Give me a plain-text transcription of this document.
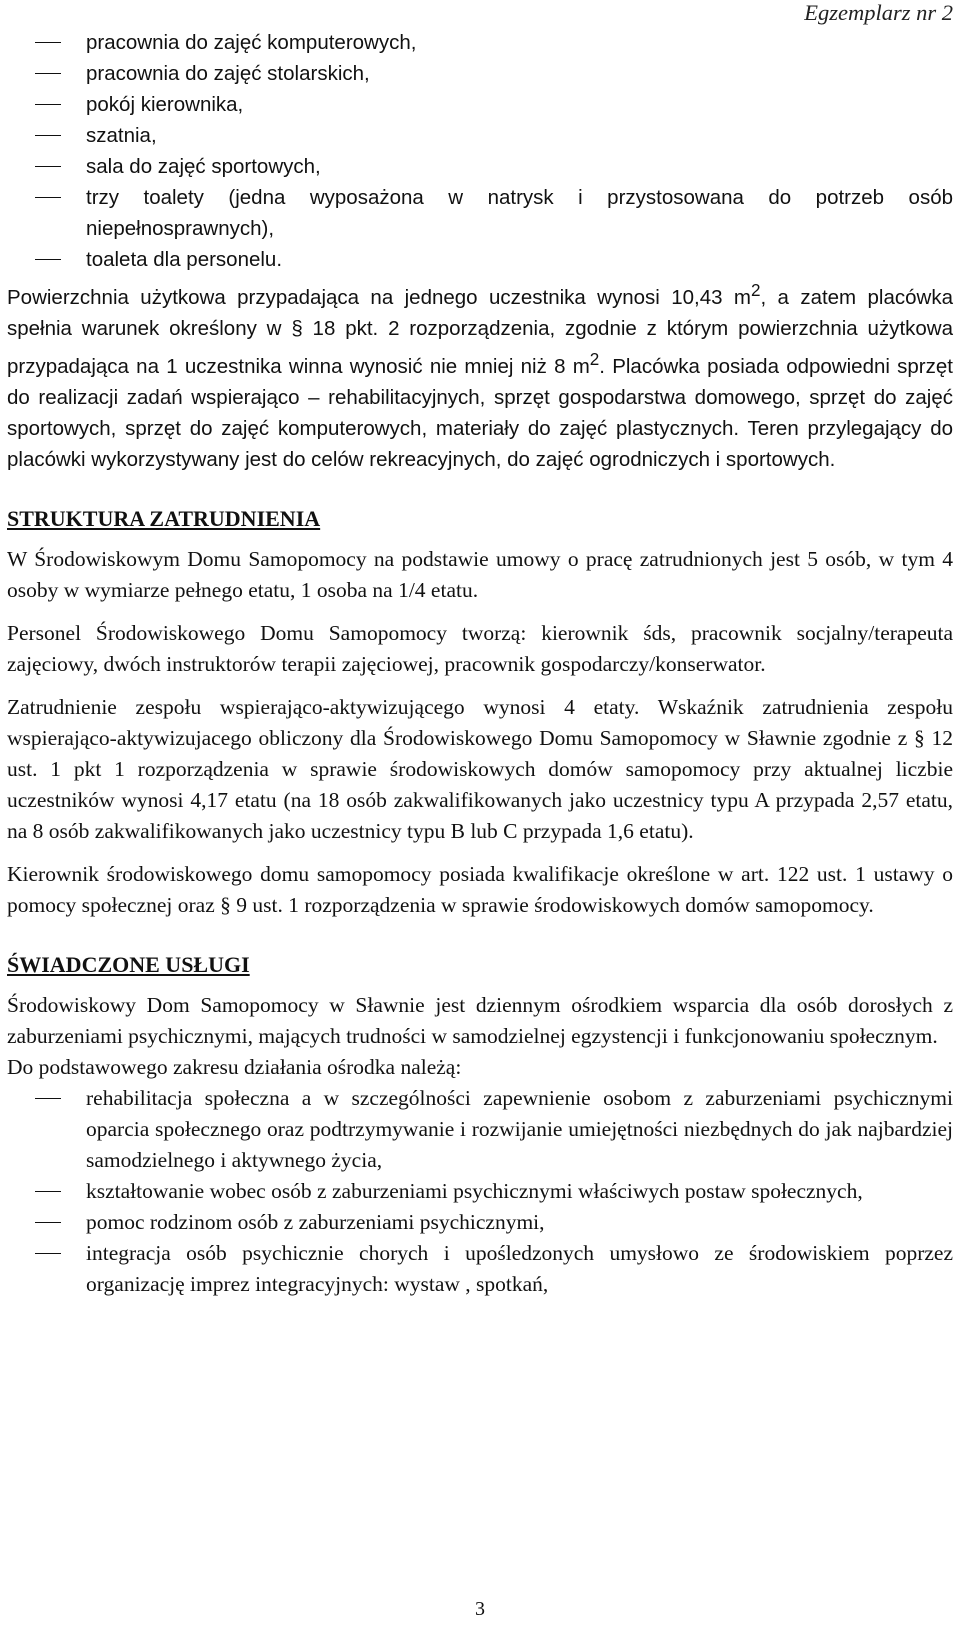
Egzemplarz nr 2
pracownia do zajęć komputerowych,
pracownia do zajęć stolarskich,
pokój kierownika,
szatnia,
sala do zajęć sportowych,
trzy toalety (jedna wyposażona w natrysk i przystosowana do potrzeb osób niepełnosprawnych),
toaleta dla personelu.

Powierzchnia użytkowa przypadająca na jednego uczestnika wynosi 10,43 $m^2$, a zatem placówka spełnia warunek określony w § 18 pkt. 2 rozporządzenia, zgodnie z którym powierzchnia użytkowa przypadająca na 1 uczestnika winna wynosić nie mniej niż 8 $m^2$. Placówka posiada odpowiedni sprzęt do realizacji zadań wspierająco – rehabilitacyjnych, sprzęt gospodarstwa domowego, sprzęt do zajęć sportowych, sprzęt do zajęć komputerowych, materiały do zajęć plastycznych. Teren przylegający do placówki wykorzystywany jest do celów rekreacyjnych, do zajęć ogrodniczych i sportowych.

STRUKTURA ZATRUDNIENIA

W Środowiskowym Domu Samopomocy na podstawie umowy o pracę zatrudnionych jest 5 osób, w tym 4 osoby w wymiarze pełnego etatu, 1 osoba na 1/4 etatu.

Personel Środowiskowego Domu Samopomocy tworzą: kierownik śds, pracownik socjalny/terapeuta zajęciowy, dwóch instruktorów terapii zajęciowej, pracownik gospodarczy/konserwator.

Zatrudnienie zespołu wspierająco-aktywizującego wynosi 4 etaty. Wskaźnik zatrudnienia zespołu wspierająco-aktywizujacego obliczony dla Środowiskowego Domu Samopomocy w Sławnie zgodnie z § 12 ust. 1 pkt 1 rozporządzenia w sprawie środowiskowych domów samopomocy przy aktualnej liczbie uczestników wynosi 4,17 etatu (na 18 osób zakwalifikowanych jako uczestnicy typu A przypada 2,57 etatu, na 8 osób zakwalifikowanych jako uczestnicy typu B lub C przypada 1,6 etatu).

Kierownik środowiskowego domu samopomocy posiada kwalifikacje określone w art. 122 ust. 1 ustawy o pomocy społecznej oraz § 9 ust. 1 rozporządzenia w sprawie środowiskowych domów samopomocy.

ŚWIADCZONE USŁUGI

Środowiskowy Dom Samopomocy w Sławnie jest dziennym ośrodkiem wsparcia dla osób dorosłych z zaburzeniami psychicznymi, mających trudności w samodzielnej egzystencji i funkcjonowaniu społecznym.

Do podstawowego zakresu działania ośrodka należą:

rehabilitacja społeczna a w szczególności zapewnienie osobom z zaburzeniami psychicznymi oparcia społecznego oraz podtrzymywanie i rozwijanie umiejętności niezbędnych do jak najbardziej samodzielnego i aktywnego życia,
kształtowanie wobec osób z zaburzeniami psychicznymi właściwych postaw społecznych,
pomoc rodzinom osób z zaburzeniami psychicznymi,
integracja osób psychicznie chorych i upośledzonych umysłowo ze środowiskiem poprzez organizację imprez integracyjnych: wystaw , spotkań,
3
